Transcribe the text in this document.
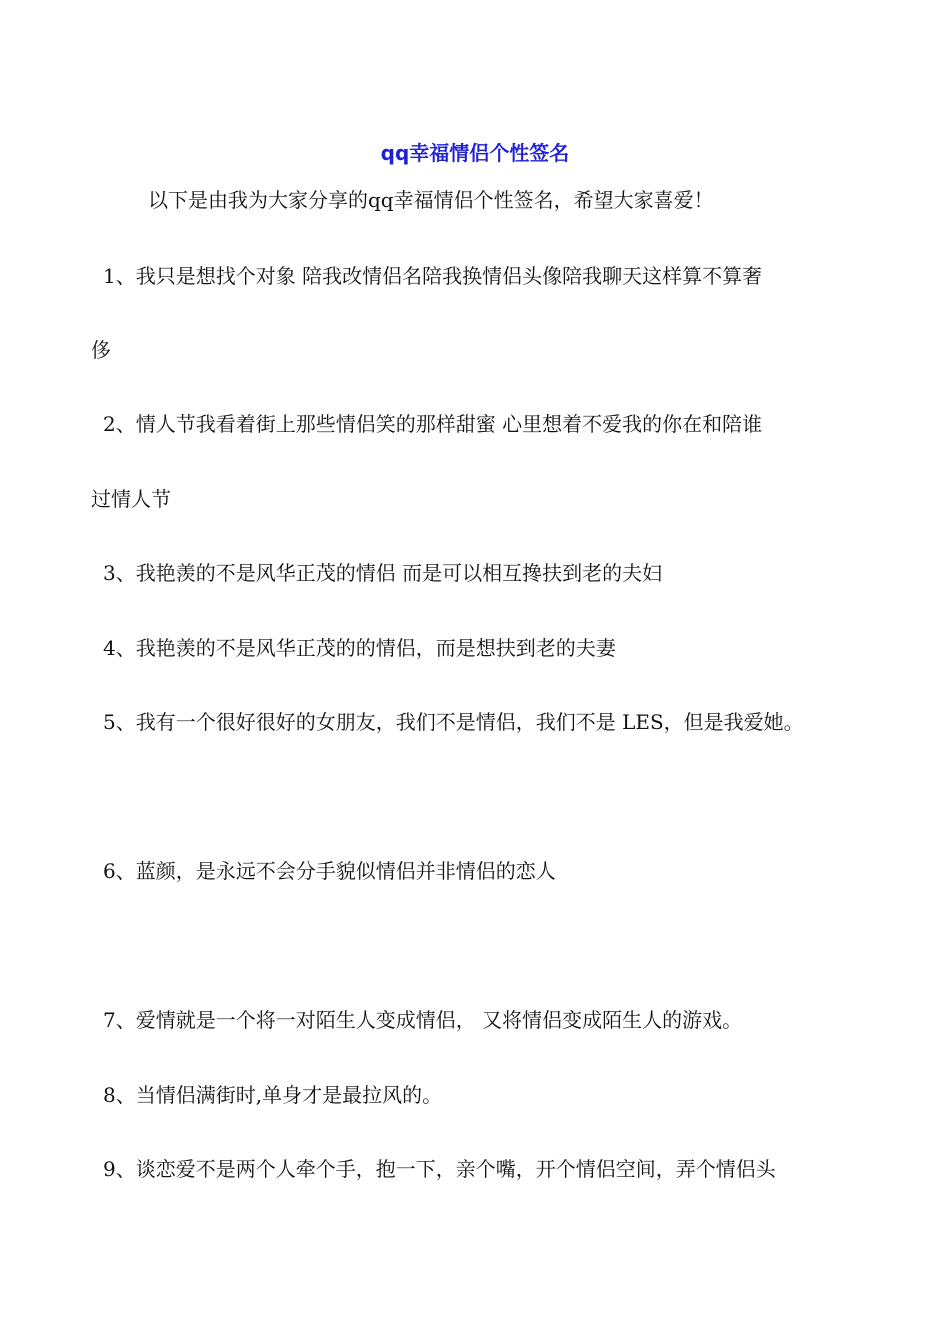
qq幸福情侣个性签名
以下是由我为大家分享的qq幸福情侣个性签名，希望大家喜爱！
1、我只是想找个对象 陪我改情侣名陪我换情侣头像陪我聊天这样算不算奢
侈
2、情人节我看着街上那些情侣笑的那样甜蜜 心里想着不爱我的你在和陪谁
过情人节
3、我艳羡的不是风华正茂的情侣 而是可以相互搀扶到老的夫妇
4、我艳羡的不是风华正茂的的情侣，而是想扶到老的夫妻
5、我有一个很好很好的女朋友，我们不是情侣，我们不是 LES，但是我爱她。
6、蓝颜，是永远不会分手貌似情侣并非情侣的恋人
7、爱情就是一个将一对陌生人变成情侣， 又将情侣变成陌生人的游戏。
8、当情侣满街时,单身才是最拉风的。
9、谈恋爱不是两个人牵个手，抱一下，亲个嘴，开个情侣空间，弄个情侣头
